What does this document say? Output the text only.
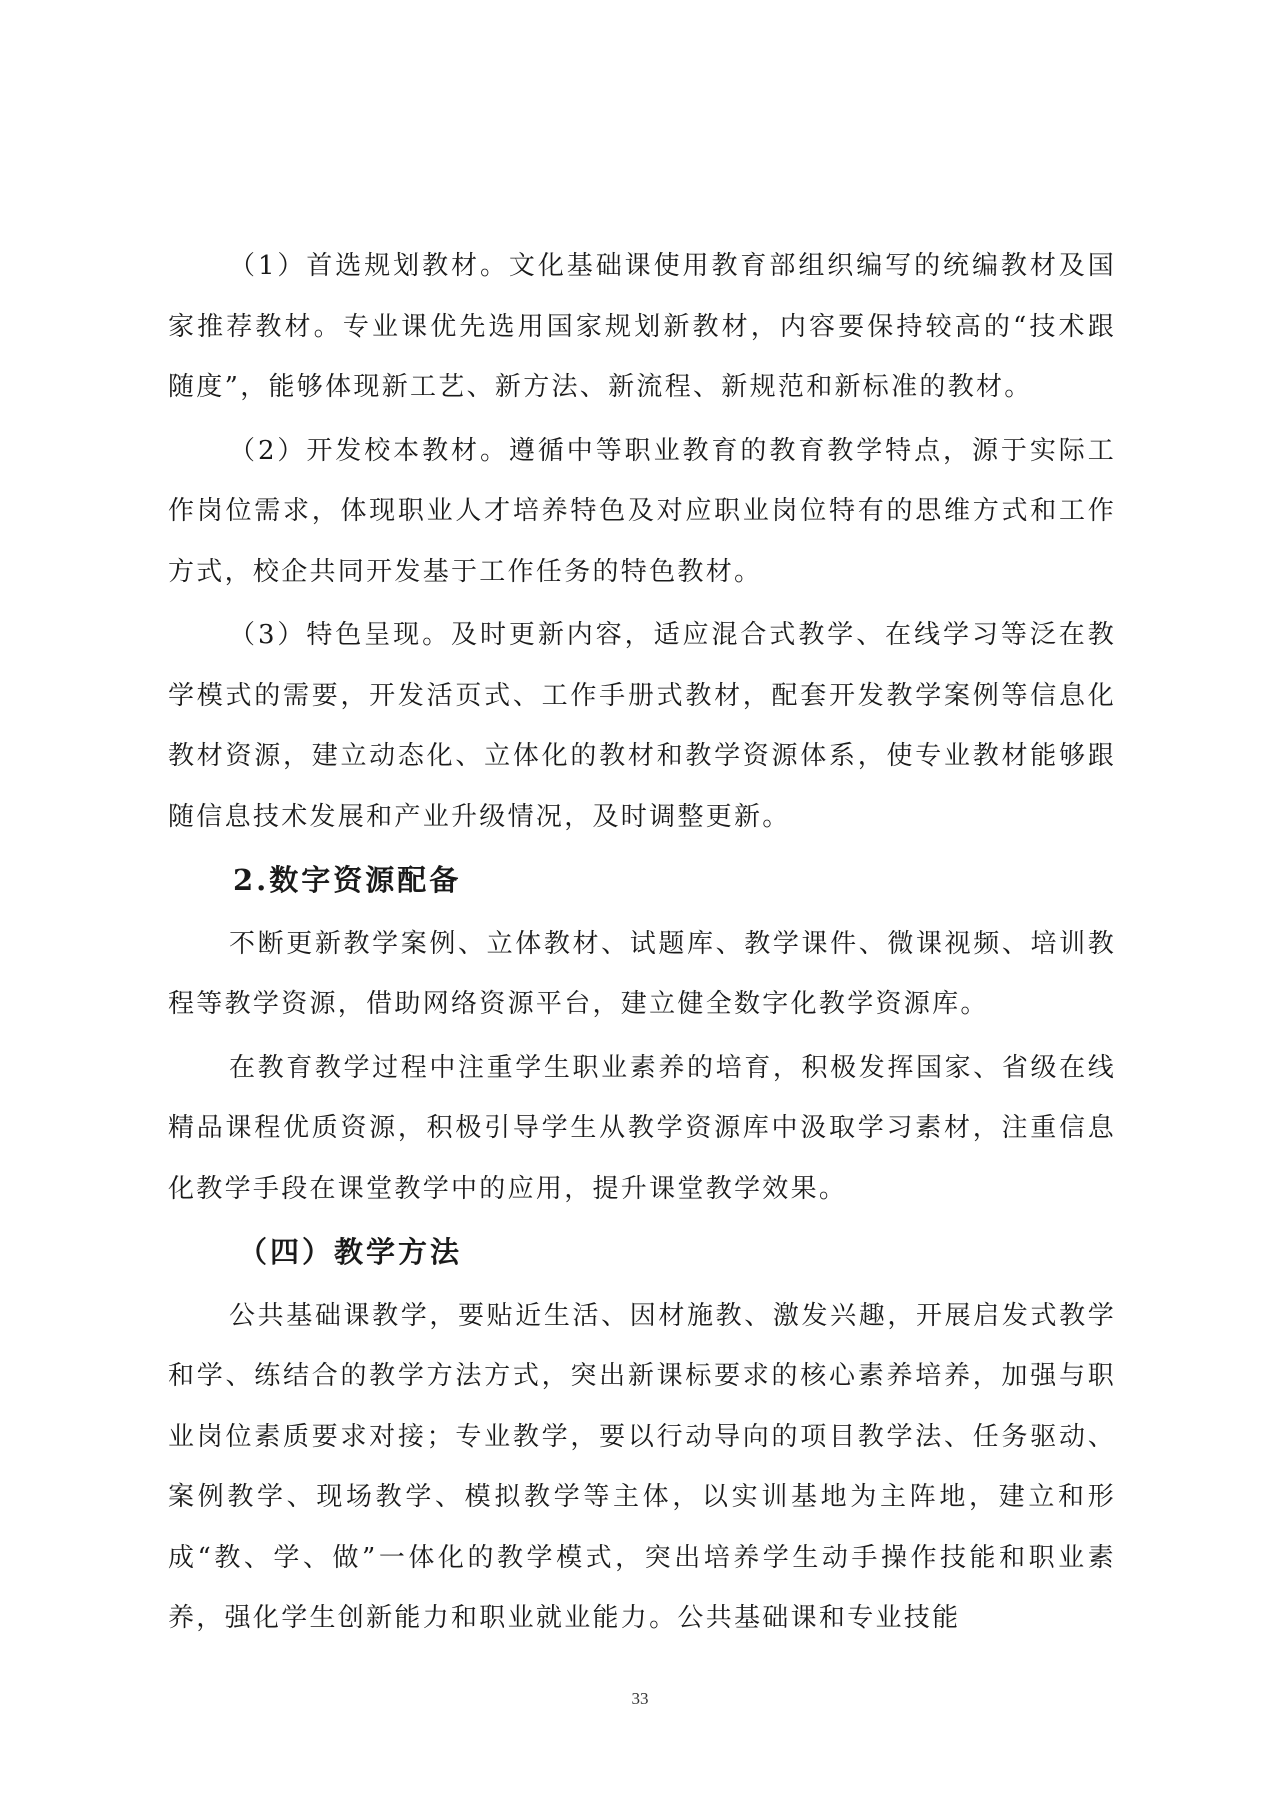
（1）首选规划教材。文化基础课使用教育部组织编写的统编教材及国家推荐教材。专业课优先选用国家规划新教材，内容要保持较高的“技术跟随度”，能够体现新工艺、新方法、新流程、新规范和新标准的教材。

（2）开发校本教材。遵循中等职业教育的教育教学特点，源于实际工作岗位需求，体现职业人才培养特色及对应职业岗位特有的思维方式和工作方式，校企共同开发基于工作任务的特色教材。

（3）特色呈现。及时更新内容，适应混合式教学、在线学习等泛在教学模式的需要，开发活页式、工作手册式教材，配套开发教学案例等信息化教材资源，建立动态化、立体化的教材和教学资源体系，使专业教材能够跟随信息技术发展和产业升级情况，及时调整更新。

2.数字资源配备

不断更新教学案例、立体教材、试题库、教学课件、微课视频、培训教程等教学资源，借助网络资源平台，建立健全数字化教学资源库。

在教育教学过程中注重学生职业素养的培育，积极发挥国家、省级在线精品课程优质资源，积极引导学生从教学资源库中汲取学习素材，注重信息化教学手段在课堂教学中的应用，提升课堂教学效果。

（四）教学方法

公共基础课教学，要贴近生活、因材施教、激发兴趣，开展启发式教学和学、练结合的教学方法方式，突出新课标要求的核心素养培养，加强与职业岗位素质要求对接；专业教学，要以行动导向的项目教学法、任务驱动、案例教学、现场教学、模拟教学等主体，以实训基地为主阵地，建立和形成“教、学、做”一体化的教学模式，突出培养学生动手操作技能和职业素养，强化学生创新能力和职业就业能力。公共基础课和专业技能

33
